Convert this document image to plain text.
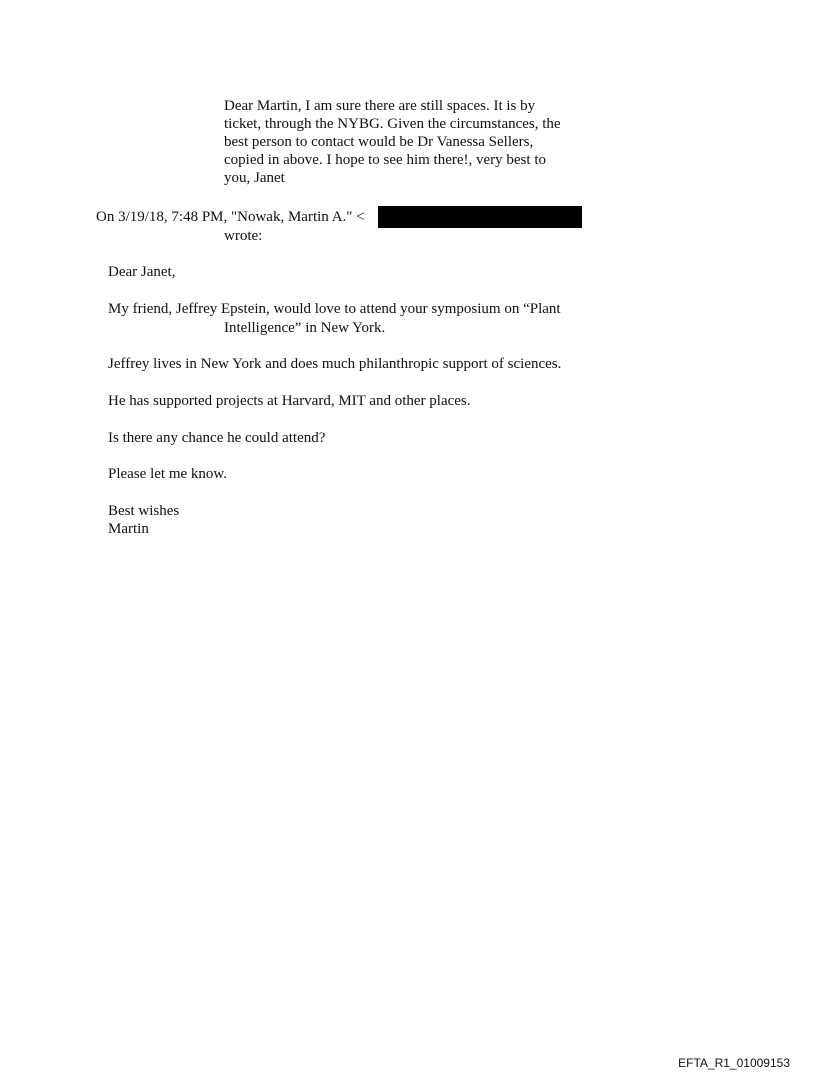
Dear Martin, I am sure there are still spaces. It is by
ticket, through the NYBG. Given the circumstances, the
best person to contact would be Dr Vanessa Sellers,
copied in above. I hope to see him there!, very best to
you, Janet
On 3/19/18, 7:48 PM, "Nowak, Martin A." <
wrote:
Dear Janet,
My friend, Jeffrey Epstein, would love to attend your symposium on “Plant
Intelligence” in New York.
Jeffrey lives in New York and does much philanthropic support of sciences.
He has supported projects at Harvard, MIT and other places.
Is there any chance he could attend?
Please let me know.
Best wishes
Martin
EFTA_R1_01009153
